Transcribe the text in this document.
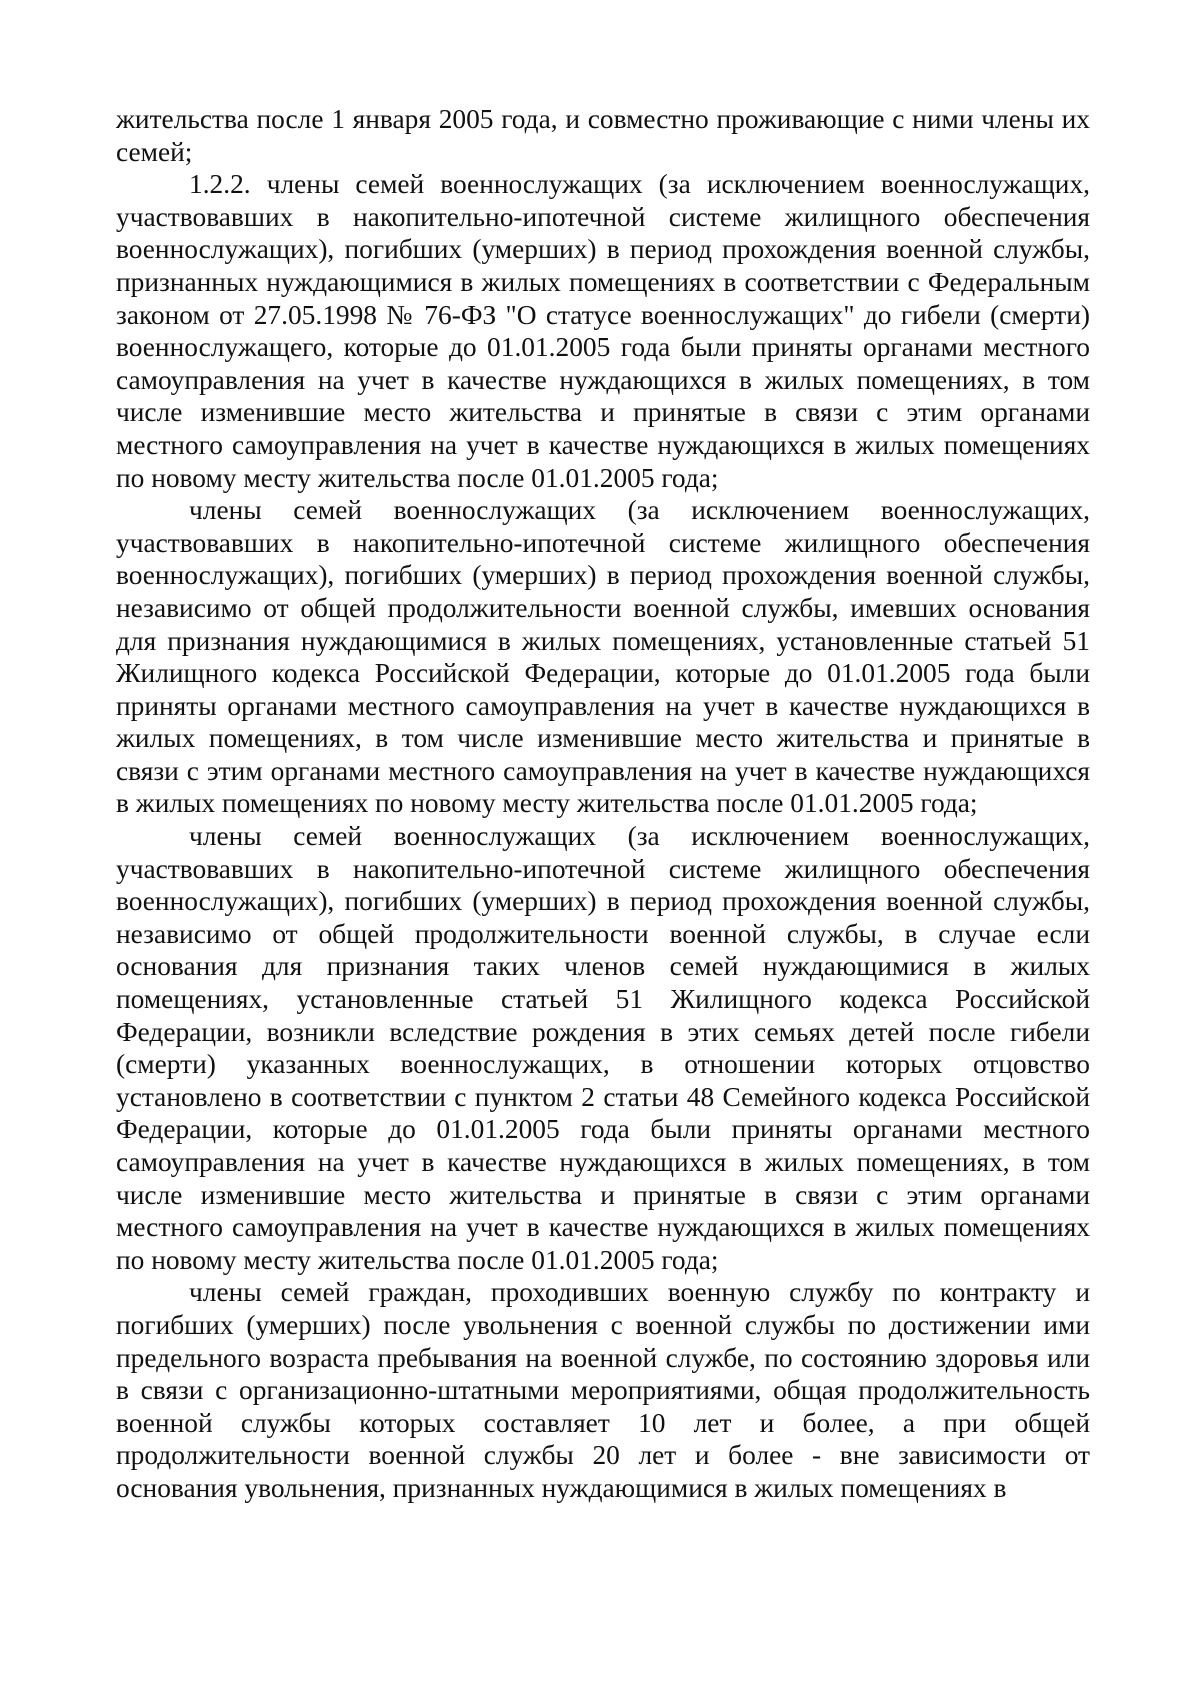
жительства после 1 января 2005 года, и совместно проживающие с ними члены их семей;

1.2.2. члены семей военнослужащих (за исключением военнослужащих, участвовавших в накопительно-ипотечной системе жилищного обеспечения военнослужащих), погибших (умерших) в период прохождения военной службы, признанных нуждающимися в жилых помещениях в соответствии с Федеральным законом от 27.05.1998 № 76-ФЗ "О статусе военнослужащих" до гибели (смерти) военнослужащего, которые до 01.01.2005 года были приняты органами местного самоуправления на учет в качестве нуждающихся в жилых помещениях, в том числе изменившие место жительства и принятые в связи с этим органами местного самоуправления на учет в качестве нуждающихся в жилых помещениях по новому месту жительства после 01.01.2005 года;

члены семей военнослужащих (за исключением военнослужащих, участвовавших в накопительно-ипотечной системе жилищного обеспечения военнослужащих), погибших (умерших) в период прохождения военной службы, независимо от общей продолжительности военной службы, имевших основания для признания нуждающимися в жилых помещениях, установленные статьей 51 Жилищного кодекса Российской Федерации, которые до 01.01.2005 года были приняты органами местного самоуправления на учет в качестве нуждающихся в жилых помещениях, в том числе изменившие место жительства и принятые в связи с этим органами местного самоуправления на учет в качестве нуждающихся в жилых помещениях по новому месту жительства после 01.01.2005 года;

члены семей военнослужащих (за исключением военнослужащих, участвовавших в накопительно-ипотечной системе жилищного обеспечения военнослужащих), погибших (умерших) в период прохождения военной службы, независимо от общей продолжительности военной службы, в случае если основания для признания таких членов семей нуждающимися в жилых помещениях, установленные статьей 51 Жилищного кодекса Российской Федерации, возникли вследствие рождения в этих семьях детей после гибели (смерти) указанных военнослужащих, в отношении которых отцовство установлено в соответствии с пунктом 2 статьи 48 Семейного кодекса Российской Федерации, которые до 01.01.2005 года были приняты органами местного самоуправления на учет в качестве нуждающихся в жилых помещениях, в том числе изменившие место жительства и принятые в связи с этим органами местного самоуправления на учет в качестве нуждающихся в жилых помещениях по новому месту жительства после 01.01.2005 года;

члены семей граждан, проходивших военную службу по контракту и погибших (умерших) после увольнения с военной службы по достижении ими предельного возраста пребывания на военной службе, по состоянию здоровья или в связи с организационно-штатными мероприятиями, общая продолжительность военной службы которых составляет 10 лет и более, а при общей продолжительности военной службы 20 лет и более - вне зависимости от основания увольнения, признанных нуждающимися в жилых помещениях в
